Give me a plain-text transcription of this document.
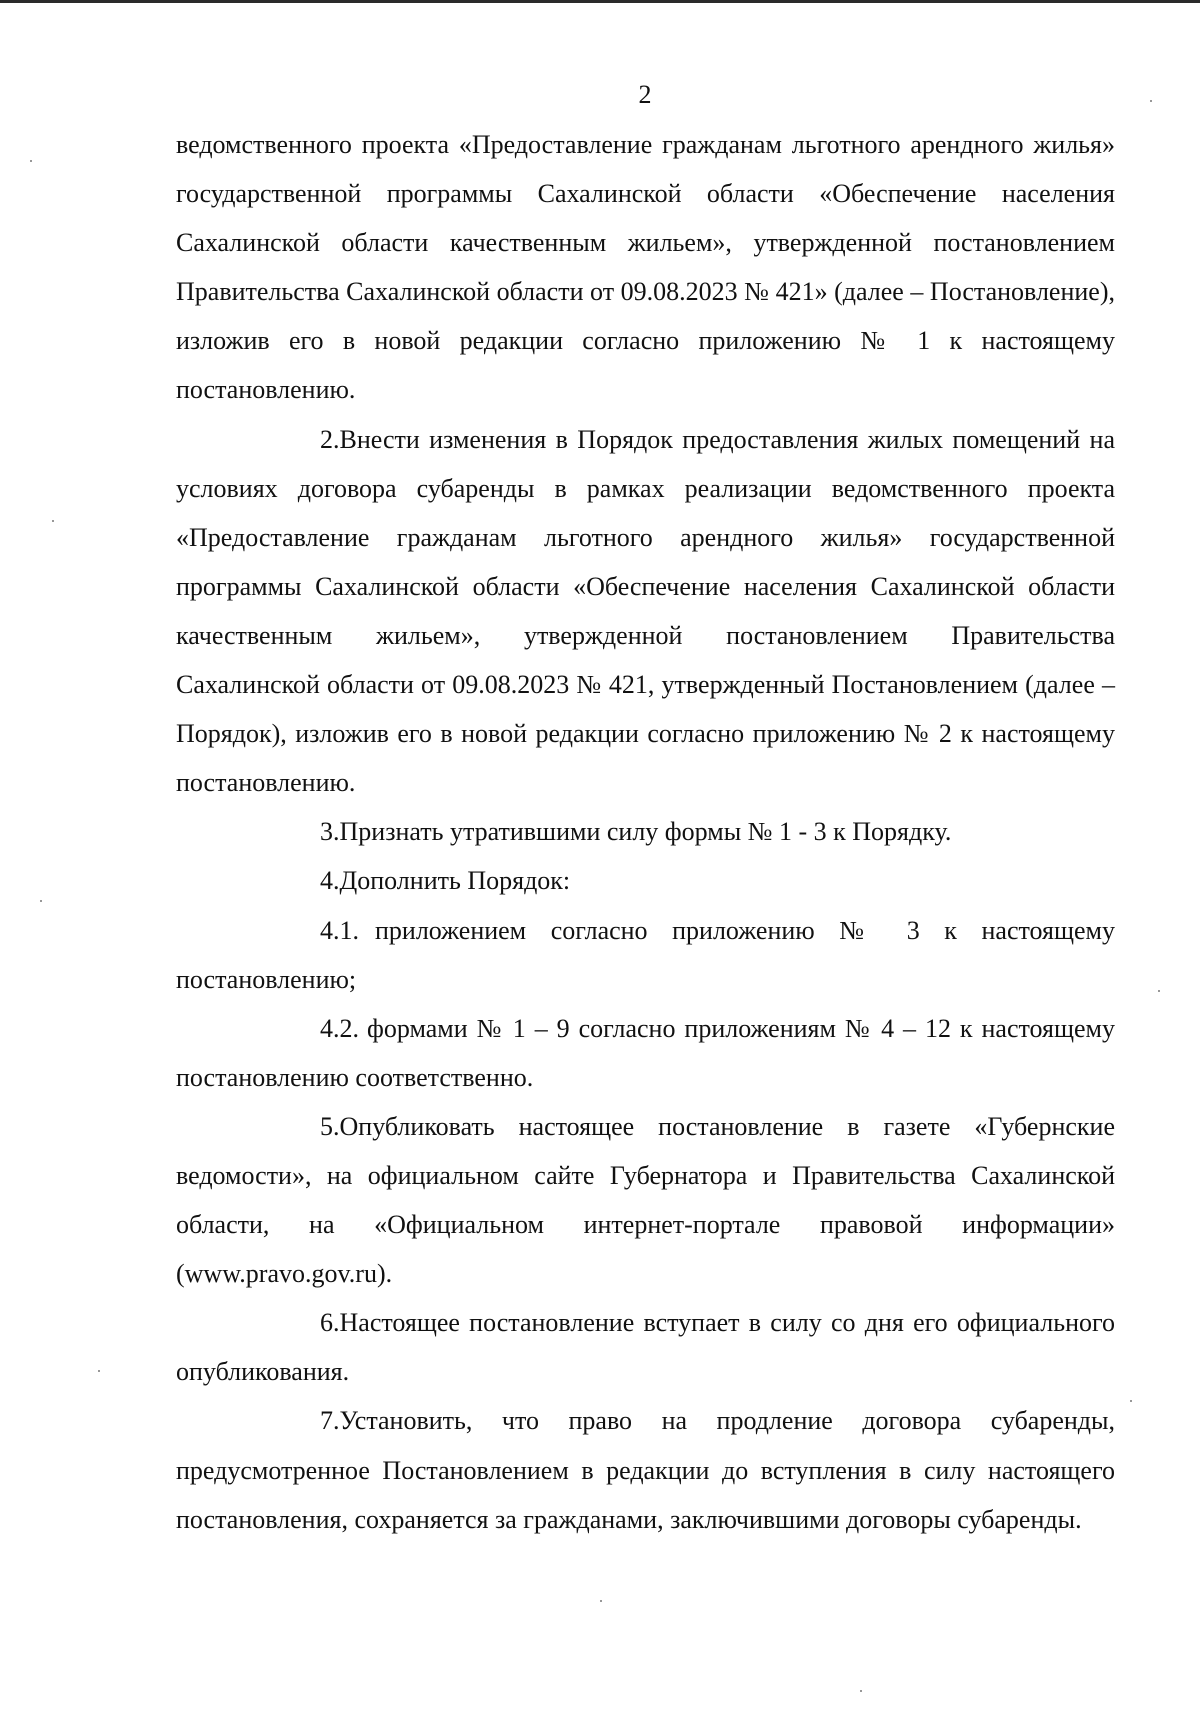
2

ведомственного проекта «Предоставление гражданам льготного арендного жилья» государственной программы Сахалинской области «Обеспечение населения Сахалинской области качественным жильем», утвержденной постановлением Правительства Сахалинской области от 09.08.2023 № 421» (далее – Постановление), изложив его в новой редакции согласно приложению № 1 к настоящему постановлению.

2.Внести изменения в Порядок предоставления жилых помещений на условиях договора субаренды в рамках реализации ведомственного проекта «Предоставление гражданам льготного арендного жилья» государственной программы Сахалинской области «Обеспечение населения Сахалинской области качественным жильем», утвержденной постановлением Правительства Сахалинской области от 09.08.2023 № 421, утвержденный Постановлением (далее – Порядок), изложив его в новой редакции согласно приложению № 2 к настоящему постановлению.

3.Признать утратившими силу формы № 1 - 3 к Порядку.

4.Дополнить Порядок:

4.1. приложением согласно приложению № 3 к настоящему постановлению;

4.2. формами № 1 – 9 согласно приложениям № 4 – 12 к настоящему постановлению соответственно.

5.Опубликовать настоящее постановление в газете «Губернские ведомости», на официальном сайте Губернатора и Правительства Сахалинской области, на «Официальном интернет-портале правовой информации» (www.pravo.gov.ru).

6.Настоящее постановление вступает в силу со дня его официального опубликования.

7.Установить, что право на продление договора субаренды, предусмотренное Постановлением в редакции до вступления в силу настоящего постановления, сохраняется за гражданами, заключившими договоры субаренды.
